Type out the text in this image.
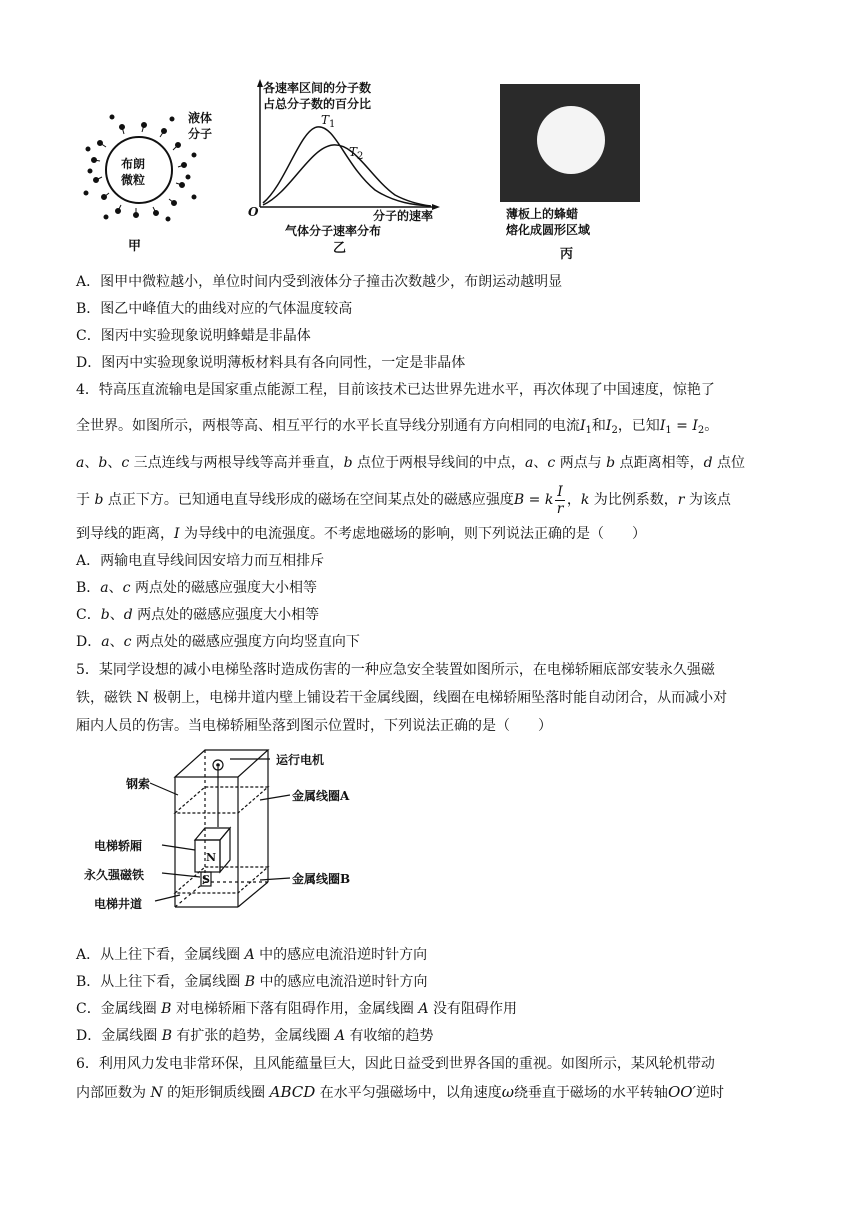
布朗
微粒
液体
分子
甲
各速率区间的分子数
占总分子数的百分比
$T_1$
$T_2$
O	分子的速率
气体分子速率分布
乙
薄板上的蜂蜡
熔化成圆形区域
丙
A．图甲中微粒越小，单位时间内受到液体分子撞击次数越少，布朗运动越明显
B．图乙中峰值大的曲线对应的气体温度较高
C．图丙中实验现象说明蜂蜡是非晶体
D．图丙中实验现象说明薄板材料具有各向同性，一定是非晶体
4．特高压直流输电是国家重点能源工程，目前该技术已达世界先进水平，再次体现了中国速度，惊艳了
全世界。如图所示，两根等高、相互平行的水平长直导线分别通有方向相同的电流$I_1$和$I_2$，已知$I_1 = I_2$。
a、b、c 三点连线与两根导线等高并垂直，b 点位于两根导线间的中点，a、c 两点与 b 点距离相等，d 点位
于 b 点正下方。已知通电直导线形成的磁场在空间某点处的磁感应强度B = k $\frac{I}{r}$ ，k 为比例系数，r 为该点
到导线的距离，I 为导线中的电流强度。不考虑地磁场的影响，则下列说法正确的是（　　）
A．两输电直导线间因安培力而互相排斥
B．a、c 两点处的磁感应强度大小相等
C．b、d 两点处的磁感应强度大小相等
D．a、c 两点处的磁感应强度方向均竖直向下
5．某同学设想的减小电梯坠落时造成伤害的一种应急安全装置如图所示，在电梯轿厢底部安装永久强磁
铁，磁铁 N 极朝上，电梯井道内壁上铺设若干金属线圈，线圈在电梯轿厢坠落时能自动闭合，从而减小对
厢内人员的伤害。当电梯轿厢坠落到图示位置时，下列说法正确的是（　　）
运行电机
钢索
金属线圈A
电梯轿厢
N
永久强磁铁	S
电梯井道
金属线圈B
A．从上往下看，金属线圈 A 中的感应电流沿逆时针方向
B．从上往下看，金属线圈 B 中的感应电流沿逆时针方向
C．金属线圈 B 对电梯轿厢下落有阻碍作用，金属线圈 A 没有阻碍作用
D．金属线圈 B 有扩张的趋势，金属线圈 A 有收缩的趋势
6．利用风力发电非常环保，且风能蕴量巨大，因此日益受到世界各国的重视。如图所示，某风轮机带动
内部匝数为 N 的矩形铜质线圈 ABCD 在水平匀强磁场中，以角速度ω绕垂直于磁场的水平转轴OO′逆时
